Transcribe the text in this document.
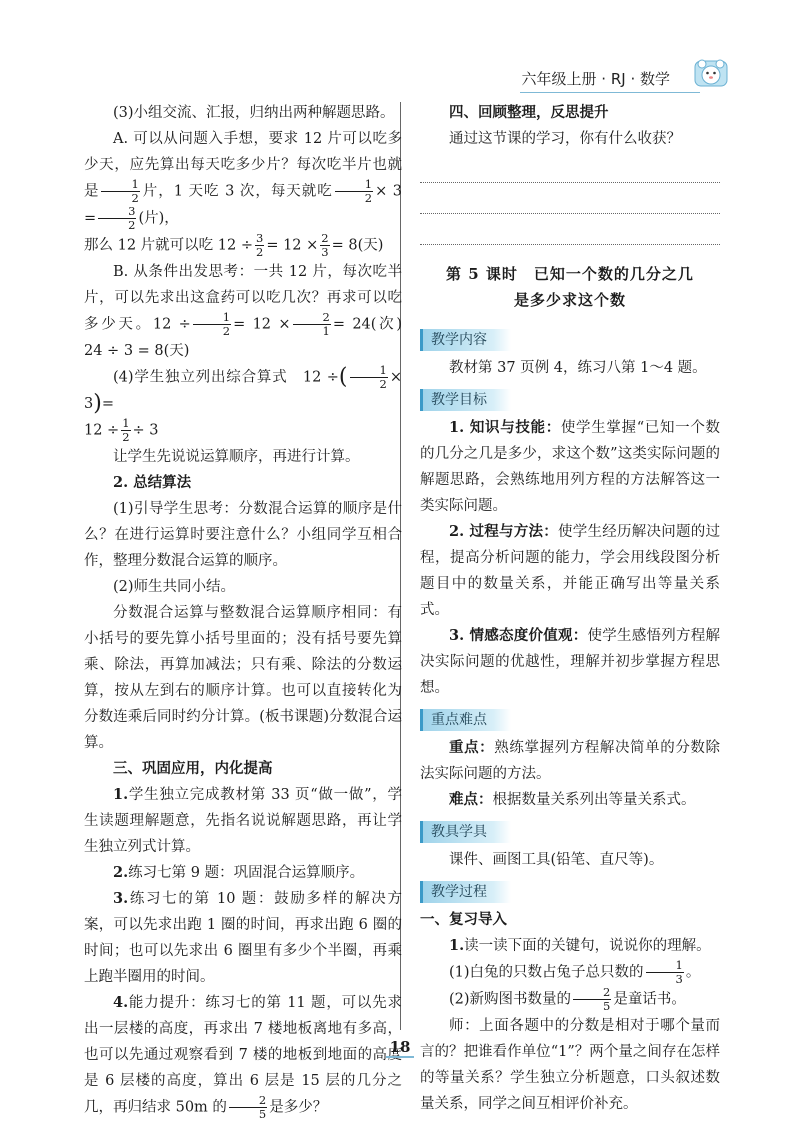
六年级上册 · RJ · 数学

(3)小组交流、汇报，归纳出两种解题思路。

A. 可以从问题入手想，要求 12 片可以吃多少天，应先算出每天吃多少片？每次吃半片也就是 $\frac{1}{2}$ 片，1 天吃 3 次，每天就吃 $\frac{1}{2} \times 3 = \frac{3}{2}$ (片)，

那么 12 片就可以吃 $12 \div \frac{3}{2} = 12 \times \frac{2}{3} = 8$(天)

B. 从条件出发思考：一共 12 片，每次吃半片，可以先求出这盒药可以吃几次？再求可以吃多少天。$12 \div \frac{1}{2} = 12 \times \frac{2}{1} = 24$(次)　24 ÷ 3 = 8(天)

(4)学生独立列出综合算式　12 ÷( $\frac{1}{2} \times 3)=$

$12 \div \frac{1}{2} \div 3$

让学生先说说运算顺序，再进行计算。

2. 总结算法

(1)引导学生思考：分数混合运算的顺序是什么？在进行运算时要注意什么？小组同学互相合作，整理分数混合运算的顺序。

(2)师生共同小结。

分数混合运算与整数混合运算顺序相同：有小括号的要先算小括号里面的；没有括号要先算乘、除法，再算加减法；只有乘、除法的分数运算，按从左到右的顺序计算。也可以直接转化为分数连乘后同时约分计算。(板书课题)分数混合运算。

三、巩固应用，内化提高

1.学生独立完成教材第 33 页“做一做”，学生读题理解题意，先指名说说解题思路，再让学生独立列式计算。

2.练习七第 9 题：巩固混合运算顺序。

3.练习七的第 10 题：鼓励多样的解决方案，可以先求出跑 1 圈的时间，再求出跑 6 圈的时间；也可以先求出 6 圈里有多少个半圈，再乘上跑半圈用的时间。

4.能力提升：练习七的第 11 题，可以先求出一层楼的高度，再求出 7 楼地板离地有多高，也可以先通过观察看到 7 楼的地板到地面的高度是 6 层楼的高度，算出 6 层是 15 层的几分之几，再归结求 50m 的 $\frac{2}{5}$ 是多少？

四、回顾整理，反思提升

通过这节课的学习，你有什么收获？

第 5 课时　已知一个数的几分之几
是多少求这个数
教学内容

教材第 37 页例 4，练习八第 1～4 题。

教学目标

1. 知识与技能：使学生掌握“已知一个数的几分之几是多少，求这个数”这类实际问题的解题思路，会熟练地用列方程的方法解答这一类实际问题。

2. 过程与方法：使学生经历解决问题的过程，提高分析问题的能力，学会用线段图分析题目中的数量关系，并能正确写出等量关系式。

3. 情感态度价值观：使学生感悟列方程解决实际问题的优越性，理解并初步掌握方程思想。

重点难点

重点：熟练掌握列方程解决简单的分数除法实际问题的方法。

难点：根据数量关系列出等量关系式。

教具学具

课件、画图工具(铅笔、直尺等)。

教学过程

一、复习导入

1.读一读下面的关键句，说说你的理解。

(1)白兔的只数占兔子总只数的 $\frac{1}{3}$ 。

(2)新购图书数量的 $\frac{2}{5}$ 是童话书。

师：上面各题中的分数是相对于哪个量而言的？把谁看作单位“1”？两个量之间存在怎样的等量关系？学生独立分析题意，口头叙述数量关系，同学之间互相评价补充。

18
